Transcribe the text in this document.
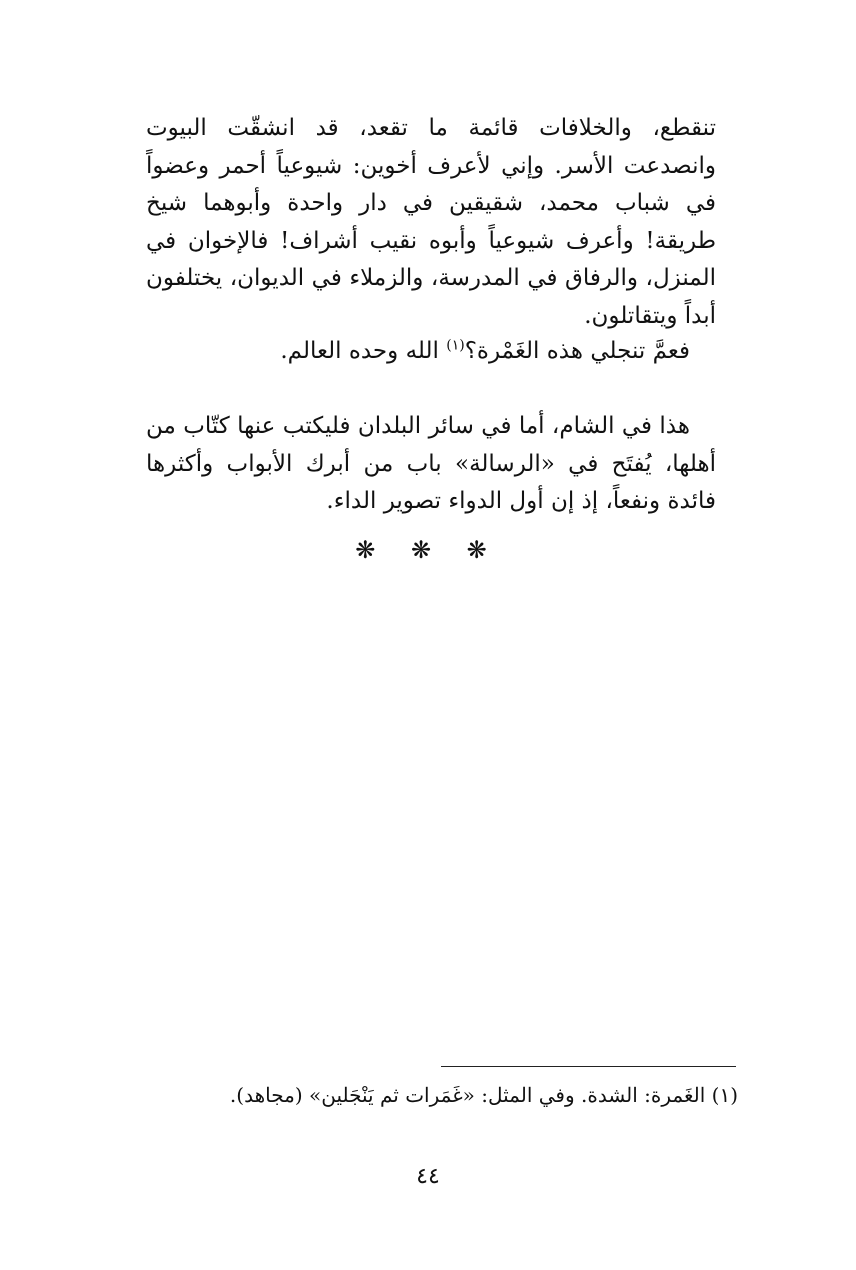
تنقطع، والخلافات قائمة ما تقعد، قد انشقّت البيوت وانصدعت الأسر. وإني لأعرف أخوين: شيوعياً أحمر وعضواً في شباب محمد، شقيقين في دار واحدة وأبوهما شيخ طريقة! وأعرف شيوعياً وأبوه نقيب أشراف! فالإخوان في المنزل، والرفاق في المدرسة، والزملاء في الديوان، يختلفون أبداً ويتقاتلون.

فعمَّ تنجلي هذه الغَمْرة؟$^{(١)}$ الله وحده العالم.

هذا في الشام، أما في سائر البلدان فليكتب عنها كتّاب من أهلها، يُفتَح في «الرسالة» باب من أبرك الأبواب وأكثرها فائدة ونفعاً، إذ إن أول الدواء تصوير الداء.

❋ ❋ ❋

(١) الغَمرة: الشدة. وفي المثل: «غَمَرات ثم يَنْجَلين» (مجاهد).

٤٤
